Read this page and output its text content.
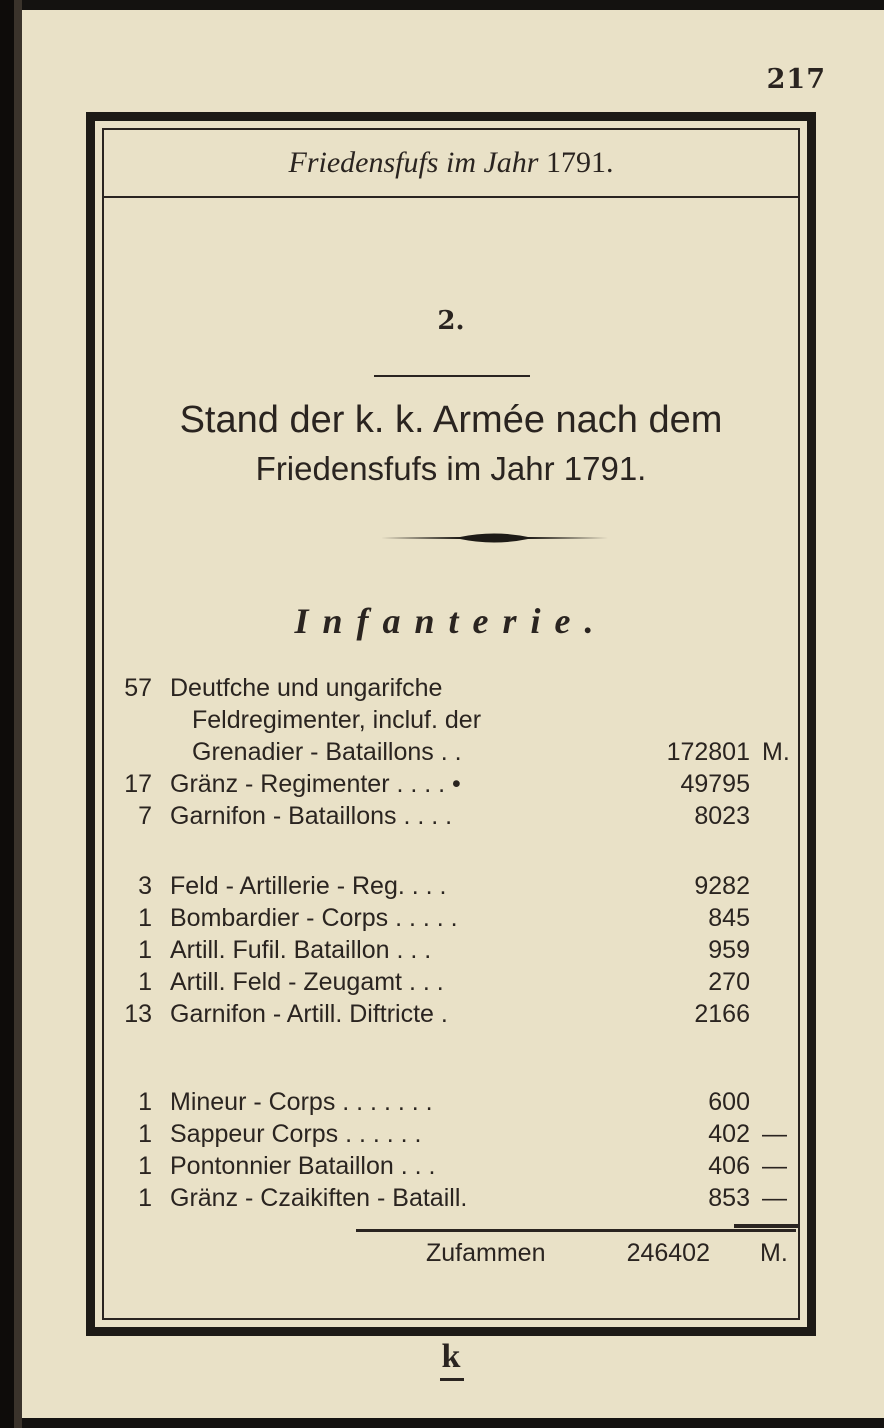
217
Friedensfufs im Jahr 1791.
2.
Stand der k. k. Armée nach dem
Friedensfufs im Jahr 1791.
Infanterie.
57 Deutfche und ungarifche
Feldregimenter, incluf. der
Grenadier - Bataillons . .	172801 M.
17 Gränz - Regimenter . . . . •	49795
7 Garnifon - Bataillons . . . .	8023
3 Feld - Artillerie - Reg. . . .	9282
1 Bombardier - Corps . . . . .	845
1 Artill. Fufil. Bataillon . . .	959
1 Artill. Feld - Zeugamt . . .	270
13 Garnifon - Artill. Diftricte .	2166
1 Mineur - Corps . . . . . . .	600
1 Sappeur Corps . . . . . .	402 —
1 Pontonnier Bataillon . . .	406 —
1 Gränz - Czaikiften - Bataill.	853 —
Zufammen	246402 M.
k
